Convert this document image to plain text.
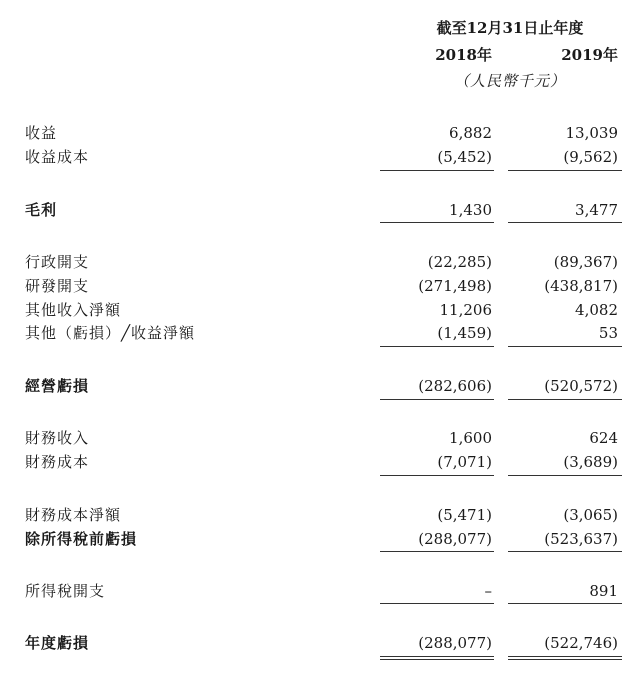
截至12月31日止年度
2018年	2019年
（人民幣千元）
收益	6,882	13,039
收益成本	(5,452)	(9,562)
毛利	1,430	3,477
行政開支	(22,285)	(89,367)
研發開支	(271,498)	(438,817)
其他收入淨額	11,206	4,082
其他（虧損）╱收益淨額	(1,459)	53
經營虧損	(282,606)	(520,572)
財務收入	1,600	624
財務成本	(7,071)	(3,689)
財務成本淨額	(5,471)	(3,065)
除所得稅前虧損	(288,077)	(523,637)
所得稅開支	–	891
年度虧損	(288,077)	(522,746)
